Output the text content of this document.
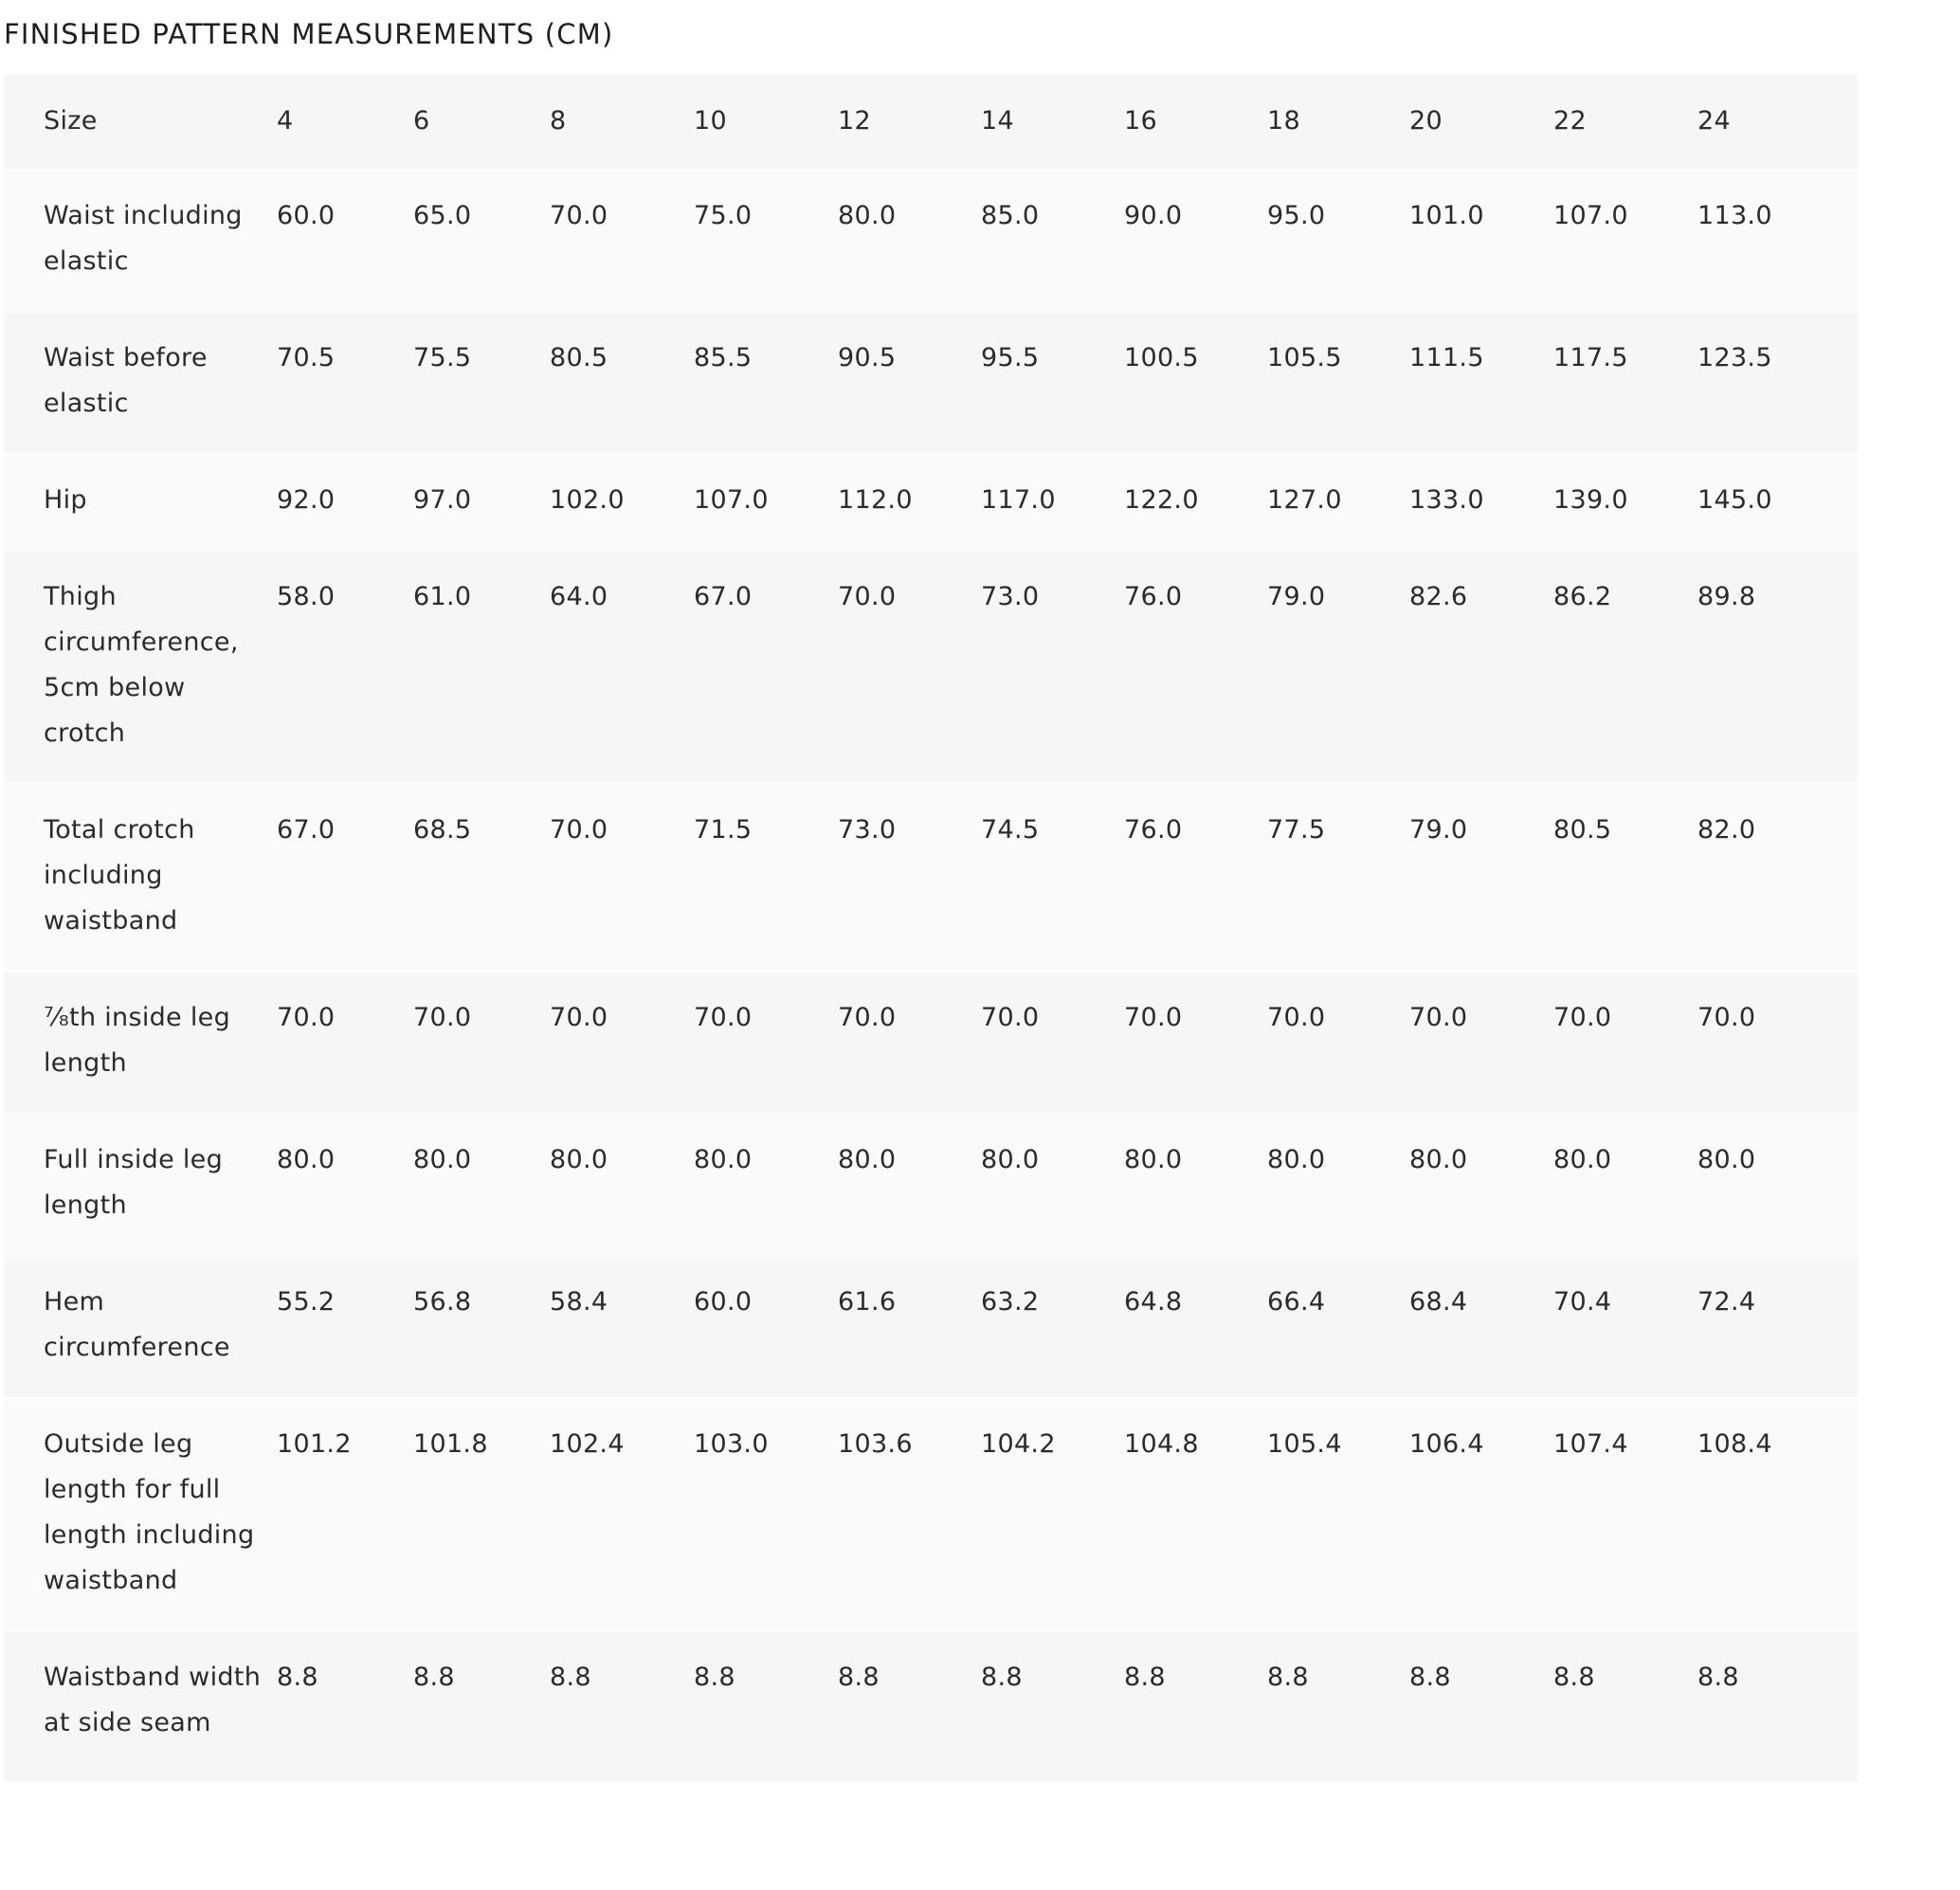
FINISHED PATTERN MEASUREMENTS (CM)
Size	4	6	8	10	12	14	16	18	20	22	24
Waist including elastic	60.0	65.0	70.0	75.0	80.0	85.0	90.0	95.0	101.0	107.0	113.0
Waist before elastic	70.5	75.5	80.5	85.5	90.5	95.5	100.5	105.5	111.5	117.5	123.5
Hip	92.0	97.0	102.0	107.0	112.0	117.0	122.0	127.0	133.0	139.0	145.0
Thigh circumference, 5cm below crotch	58.0	61.0	64.0	67.0	70.0	73.0	76.0	79.0	82.6	86.2	89.8
Total crotch including waistband	67.0	68.5	70.0	71.5	73.0	74.5	76.0	77.5	79.0	80.5	82.0
⁷⁄₈th inside leg length	70.0	70.0	70.0	70.0	70.0	70.0	70.0	70.0	70.0	70.0	70.0
Full inside leg length	80.0	80.0	80.0	80.0	80.0	80.0	80.0	80.0	80.0	80.0	80.0
Hem circumference	55.2	56.8	58.4	60.0	61.6	63.2	64.8	66.4	68.4	70.4	72.4
Outside leg length for full length including waistband	101.2	101.8	102.4	103.0	103.6	104.2	104.8	105.4	106.4	107.4	108.4
Waistband width at side seam	8.8	8.8	8.8	8.8	8.8	8.8	8.8	8.8	8.8	8.8	8.8
